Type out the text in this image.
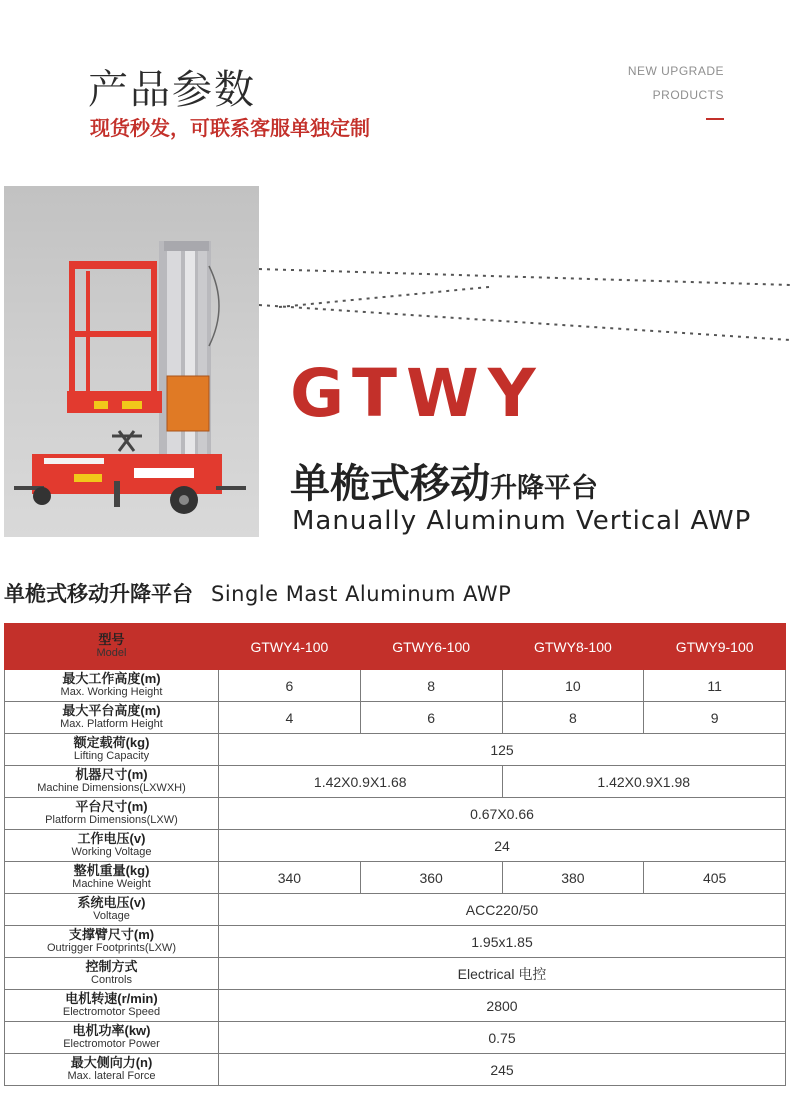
产品参数
现货秒发，可联系客服单独定制
NEW UPGRADE
PRODUCTS
GTWY
单桅式移动升降平台
Manually Aluminum Vertical AWP
单桅式移动升降平台 Single Mast Aluminum AWP
型号
Model	GTWY4-100	GTWY6-100	GTWY8-100	GTWY9-100

最大工作高度(m)
Max. Working Height	6	8	10	11

最大平台高度(m)
Max. Platform Height	4	6	8	9

额定载荷(kg)
Lifting Capacity	125			

机器尺寸(m)
Machine Dimensions(LXWXH)	1.42X0.9X1.68		1.42X0.9X1.98	

平台尺寸(m)
Platform Dimensions(LXW)	0.67X0.66			

工作电压(v)
Working Voltage	24			

整机重量(kg)
Machine Weight	340	360	380	405

系统电压(v)
Voltage	ACC220/50			

支撑臂尺寸(m)
Outrigger Footprints(LXW)	1.95x1.85			

控制方式
Controls	Electrical 电控			

电机转速(r/min)
Electromotor Speed	2800			

电机功率(kw)
Electromotor Power	0.75			

最大侧向力(n)
Max. lateral Force	245			
